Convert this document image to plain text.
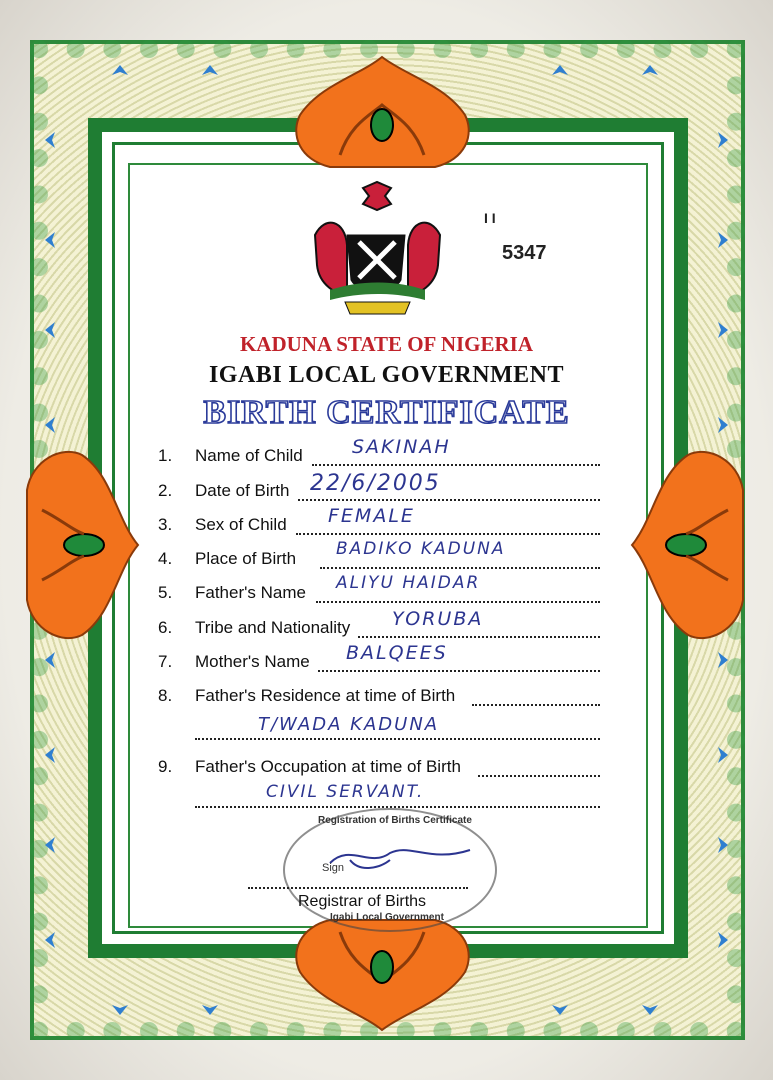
I I
5347
KADUNA STATE OF NIGERIA
IGABI LOCAL GOVERNMENT
BIRTH CERTIFICATE
1. Name of Child	SAKINAH
2. Date of Birth 22/6/2005
3. Sex of Child FEMALE
4. Place of Birth BADIKO KADUNA
5. Father's Name ALIYU HAIDAR
6. Tribe and Nationality YORUBA
7. Mother's Name BALQEES
8. Father's Residence at time of Birth
T/WADA KADUNA
9. Father's Occupation at time of Birth
CIVIL SERVANT.
Registration of Births Certificate
Igabi Local Government
Sign
Registrar of Births
